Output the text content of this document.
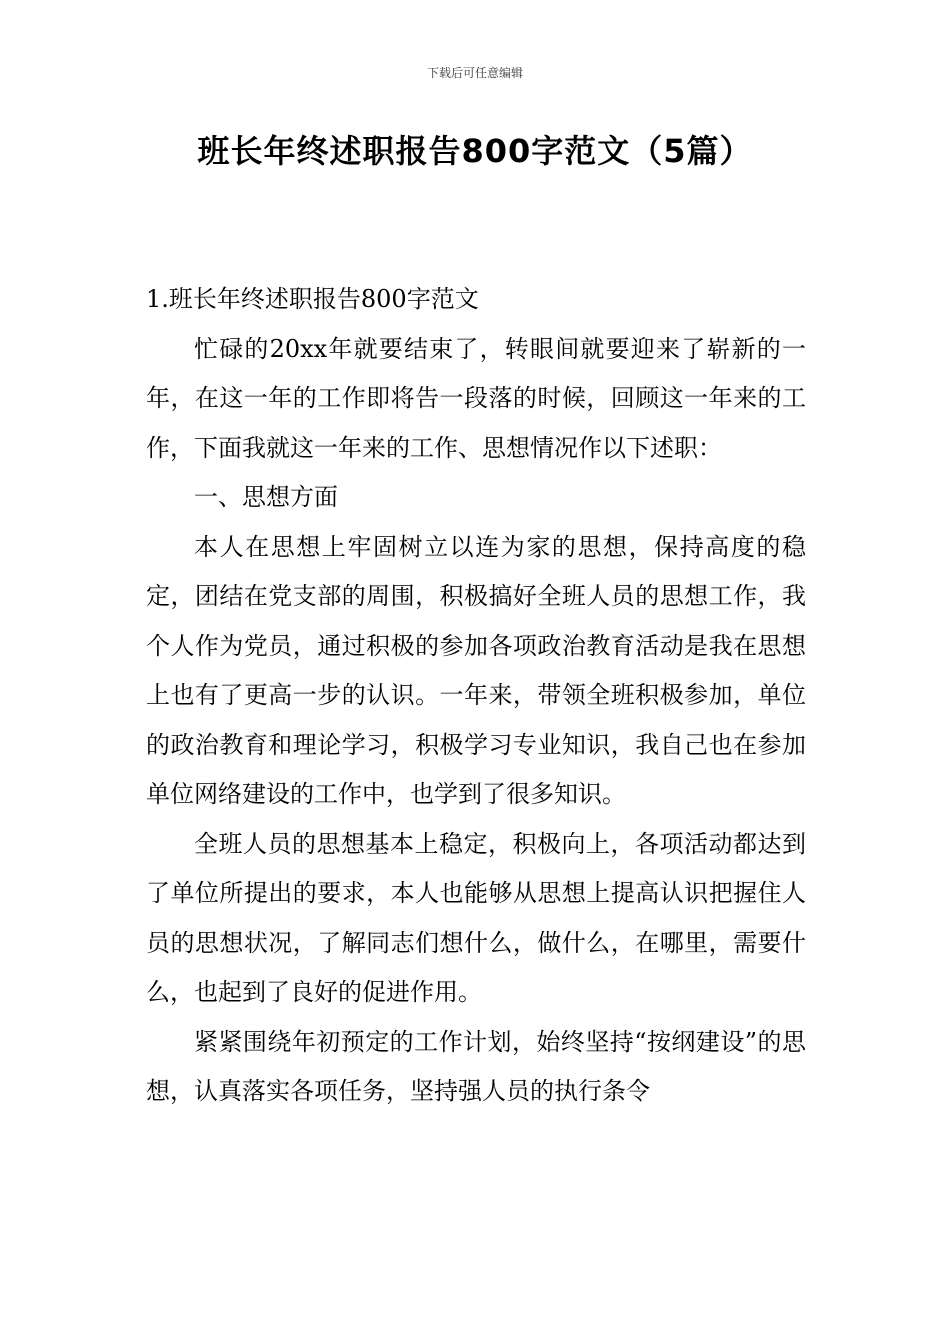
下载后可任意编辑
班长年终述职报告800字范文（5篇）
1.班长年终述职报告800字范文

忙碌的20xx年就要结束了，转眼间就要迎来了崭新的一年，在这一年的工作即将告一段落的时候，回顾这一年来的工作，下面我就这一年来的工作、思想情况作以下述职：

一、思想方面

本人在思想上牢固树立以连为家的思想，保持高度的稳定，团结在党支部的周围，积极搞好全班人员的思想工作，我个人作为党员，通过积极的参加各项政治教育活动是我在思想上也有了更高一步的认识。一年来，带领全班积极参加，单位的政治教育和理论学习，积极学习专业知识，我自己也在参加单位网络建设的工作中，也学到了很多知识。

全班人员的思想基本上稳定，积极向上，各项活动都达到了单位所提出的要求，本人也能够从思想上提高认识把握住人员的思想状况，了解同志们想什么，做什么，在哪里，需要什么，也起到了良好的促进作用。

紧紧围绕年初预定的工作计划，始终坚持“按纲建设”的思想，认真落实各项任务，坚持强人员的执行条令
